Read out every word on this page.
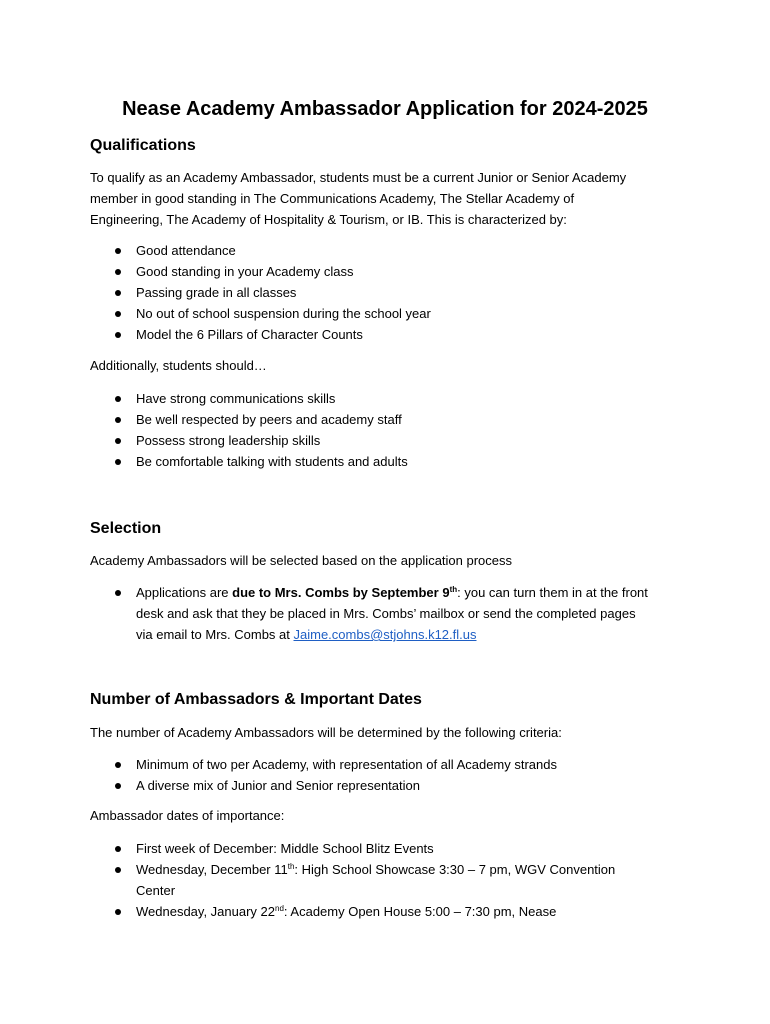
Nease Academy Ambassador Application for 2024-2025
Qualifications
To qualify as an Academy Ambassador, students must be a current Junior or Senior Academy
member in good standing in The Communications Academy, The Stellar Academy of
Engineering, The Academy of Hospitality & Tourism, or IB. This is characterized by:
Good attendance
Good standing in your Academy class
Passing grade in all classes
No out of school suspension during the school year
Model the 6 Pillars of Character Counts
Additionally, students should…
Have strong communications skills
Be well respected by peers and academy staff
Possess strong leadership skills
Be comfortable talking with students and adults
Selection
Academy Ambassadors will be selected based on the application process
Applications are due to Mrs. Combs by September 9th: you can turn them in at the front
desk and ask that they be placed in Mrs. Combs’ mailbox or send the completed pages
via email to Mrs. Combs at Jaime.combs@stjohns.k12.fl.us
Number of Ambassadors & Important Dates
The number of Academy Ambassadors will be determined by the following criteria:
Minimum of two per Academy, with representation of all Academy strands
A diverse mix of Junior and Senior representation
Ambassador dates of importance:
First week of December: Middle School Blitz Events
Wednesday, December 11th: High School Showcase 3:30 – 7 pm, WGV Convention
Center
Wednesday, January 22nd: Academy Open House 5:00 – 7:30 pm, Nease
